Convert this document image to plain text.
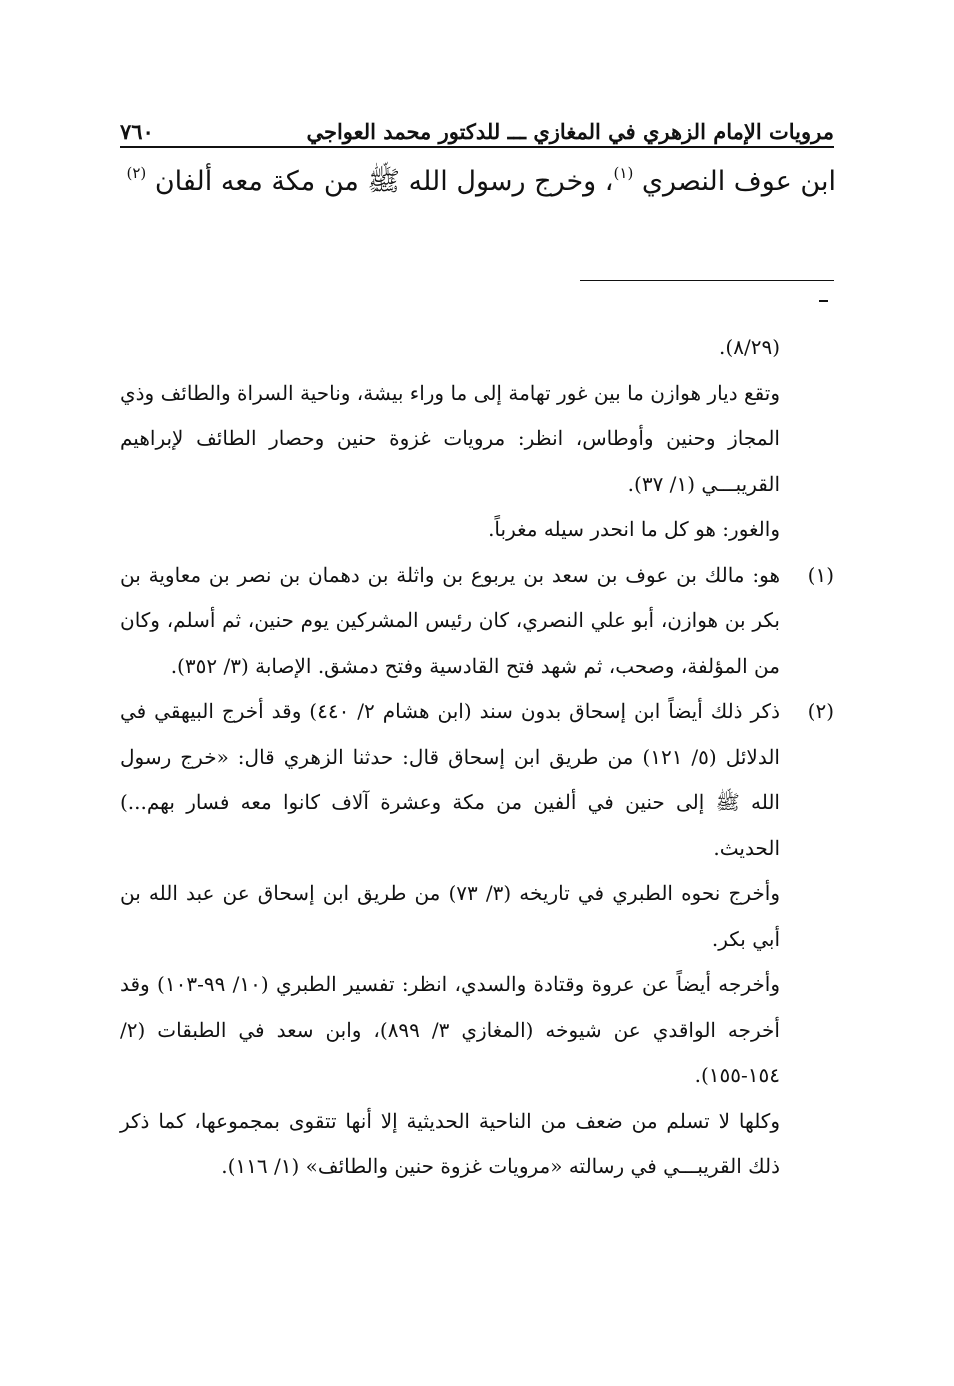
مرويات الإمام الزهري في المغازي ـــ للدكتور محمد العواجي
٧٦٠
ابن عوف النصري $^{(١)}$، وخرج رسول الله ﷺ من مكة معه ألفان $^{(٢)}$

(٨/٢٩).

وتقع ديار هوازن ما بين غور تهامة إلى ما وراء بيشة، وناحية السراة والطائف وذي المجاز وحنين وأوطاس، انظر: مرويات غزوة حنين وحصار الطائف لإبراهيم القريبـــي (١/ ٣٧).

والغور: هو كل ما انحدر سيله مغرباً.

(١)
هو: مالك بن عوف بن سعد بن يربوع بن واثلة بن دهمان بن نصر بن معاوية بن بكر بن هوازن، أبو علي النصري، كان رئيس المشركين يوم حنين، ثم أسلم، وكان من المؤلفة، وصحب، ثم شهد فتح القادسية وفتح دمشق. الإصابة (٣/ ٣٥٢).
(٢)

ذكر ذلك أيضاً ابن إسحاق بدون سند (ابن هشام ٢/ ٤٤٠) وقد أخرج البيهقي في الدلائل (٥/ ١٢١) من طريق ابن إسحاق قال: حدثنا الزهري قال: «خرج رسول الله ﷺ إلى حنين في ألفين من مكة وعشرة آلاف كانوا معه فسار بهم...) الحديث.

وأخرج نحوه الطبري في تاريخه (٣/ ٧٣) من طريق ابن إسحاق عن عبد الله بن أبي بكر.

وأخرجه أيضاً عن عروة وقتادة والسدي، انظر: تفسير الطبري (١٠/ ٩٩-١٠٣) وقد أخرجه الواقدي عن شيوخه (المغازي ٣/ ٨٩٩)، وابن سعد في الطبقات (٢/ ١٥٤-١٥٥).

وكلها لا تسلم من ضعف من الناحية الحديثية إلا أنها تتقوى بمجموعها، كما ذكر ذلك القريبـــي في رسالته «مرويات غزوة حنين والطائف» (١/ ١١٦).
